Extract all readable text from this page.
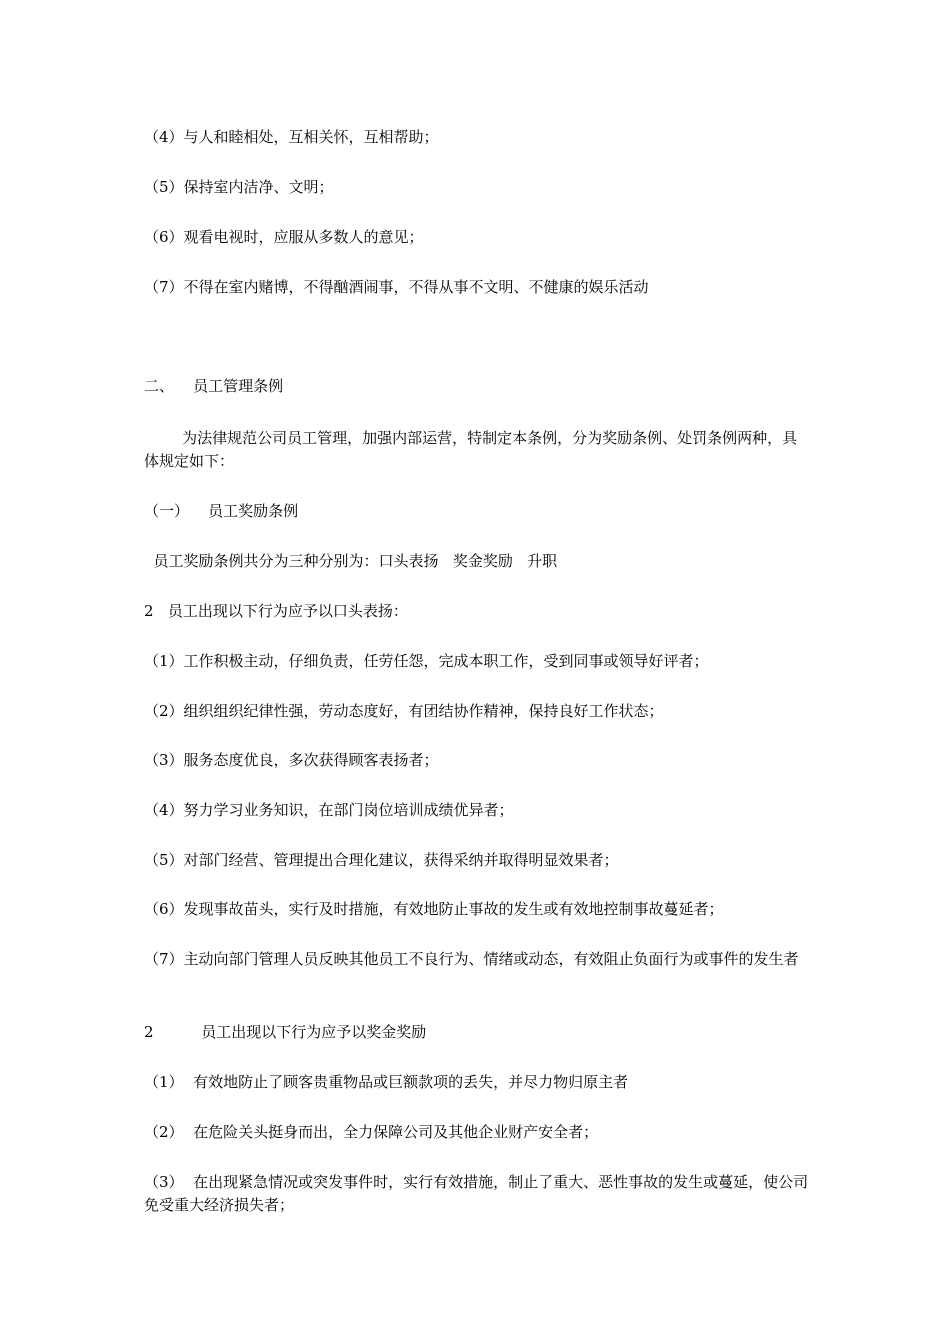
（4）与人和睦相处，互相关怀，互相帮助；

（5）保持室内洁净、文明；

（6）观看电视时，应服从多数人的意见；

（7）不得在室内赌博，不得酗酒闹事，不得从事不文明、不健康的娱乐活动

二、    员工管理条例

为法律规范公司员工管理，加强内部运营，特制定本条例，分为奖励条例、处罚条例两种，具体规定如下：

（一）    员工奖励条例

员工奖励条例共分为三种分别为：口头表扬   奖金奖励   升职

2   员工出现以下行为应予以口头表扬：

（1）工作积极主动，仔细负责，任劳任怨，完成本职工作，受到同事或领导好评者；

（2）组织组织纪律性强，劳动态度好，有团结协作精神，保持良好工作状态；

（3）服务态度优良，多次获得顾客表扬者；

（4）努力学习业务知识，在部门岗位培训成绩优异者；

（5）对部门经营、管理提出合理化建议，获得采纳并取得明显效果者；

（6）发现事故苗头，实行及时措施，有效地防止事故的发生或有效地控制事故蔓延者；

（7）主动向部门管理人员反映其他员工不良行为、情绪或动态，有效阻止负面行为或事件的发生者

2          员工出现以下行为应予以奖金奖励

（1）  有效地防止了顾客贵重物品或巨额款项的丢失，并尽力物归原主者

（2）  在危险关头挺身而出，全力保障公司及其他企业财产安全者；

（3）  在出现紧急情况或突发事件时，实行有效措施，制止了重大、恶性事故的发生或蔓延，使公司免受重大经济损失者；
